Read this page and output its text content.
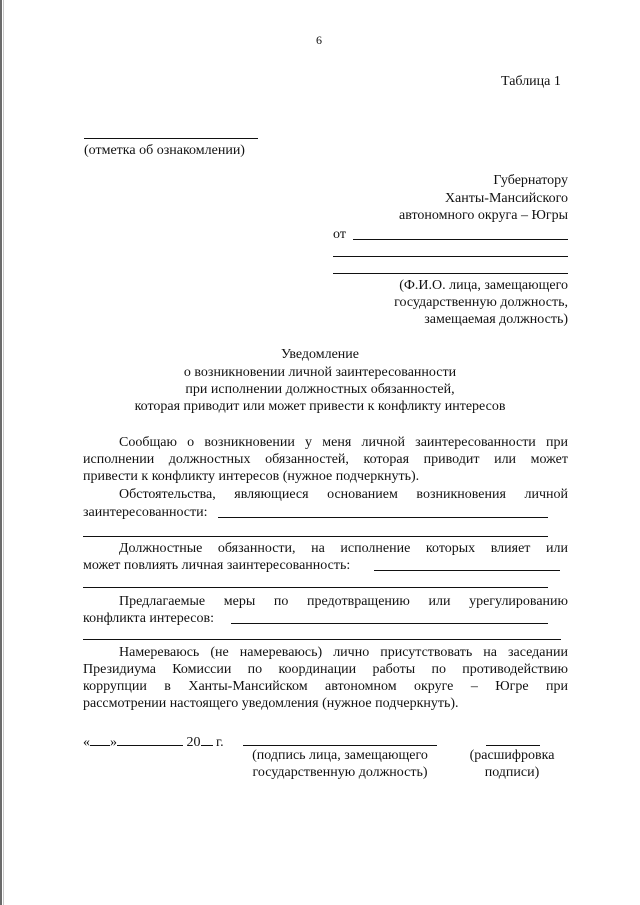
6
Таблица 1
(отметка об ознакомлении)
Губернатору
Ханты-Мансийского
автономного округа – Югры
от
(Ф.И.О. лица, замещающего
государственную должность,
замещаемая должность)
Уведомление
о возникновении личной заинтересованности
при исполнении должностных обязанностей,
которая приводит или может привести к конфликту интересов
Сообщаю о возникновении у меня личной заинтересованности при
исполнении должностных обязанностей, которая приводит или может
привести к конфликту интересов (нужное подчеркнуть).
Обстоятельства, являющиеся основанием возникновения личной
заинтересованности:
Должностные обязанности, на исполнение которых влияет или
может повлиять личная заинтересованность:
Предлагаемые меры по предотвращению или урегулированию
конфликта интересов:
Намереваюсь (не намереваюсь) лично присутствовать на заседании
Президиума Комиссии по координации работы по противодействию
коррупции в Ханты-Мансийском автономном округе – Югре при
рассмотрении настоящего уведомления (нужное подчеркнуть).
« »	20 г.
(подпись лица, замещающего
государственную должность)
(расшифровка
подписи)
